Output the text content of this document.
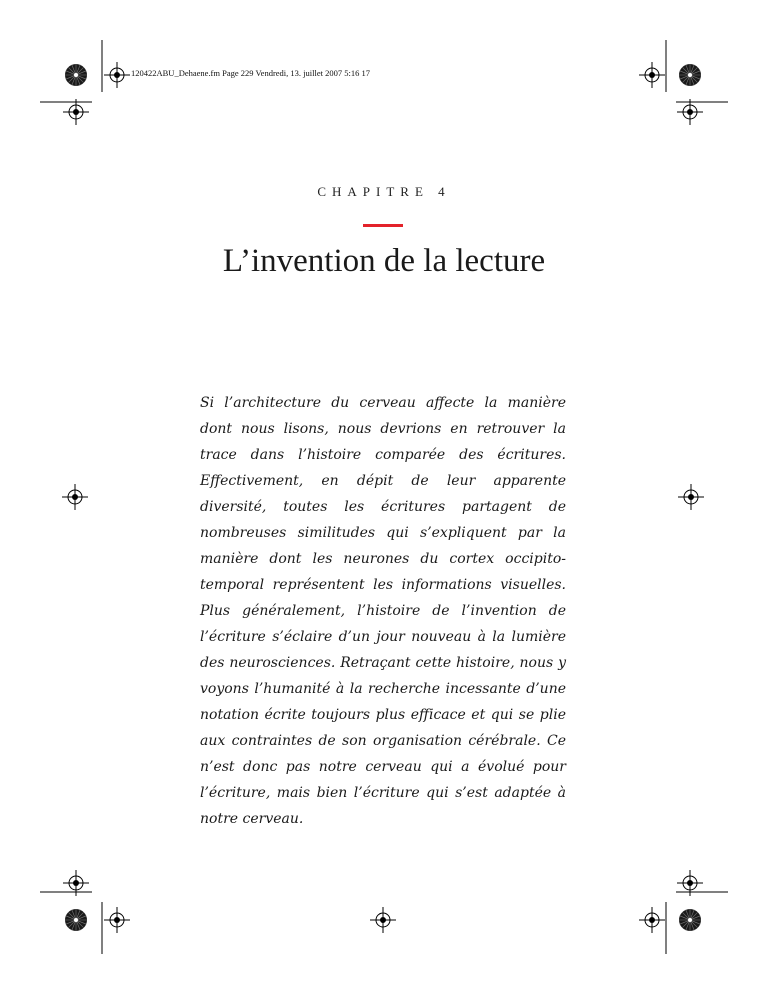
120422ABU_Dehaene.fm Page 229 Vendredi, 13. juillet 2007 5:16 17
CHAPITRE 4
L’invention de la lecture

Si l’architecture du cerveau affecte la manière dont nous lisons, nous devrions en retrouver la trace dans l’histoire comparée des écritures. Effectivement, en dépit de leur apparente diversité, toutes les écritures partagent de nombreuses similitudes qui s’expliquent par la manière dont les neurones du cortex occipito-temporal représentent les informations visuelles. Plus généralement, l’histoire de l’invention de l’écriture s’éclaire d’un jour nouveau à la lumière des neurosciences. Retraçant cette histoire, nous y voyons l’humanité à la recherche incessante d’une notation écrite toujours plus efficace et qui se plie aux contraintes de son organisation cérébrale. Ce n’est donc pas notre cerveau qui a évolué pour l’écriture, mais bien l’écriture qui s’est adaptée à notre cerveau.
